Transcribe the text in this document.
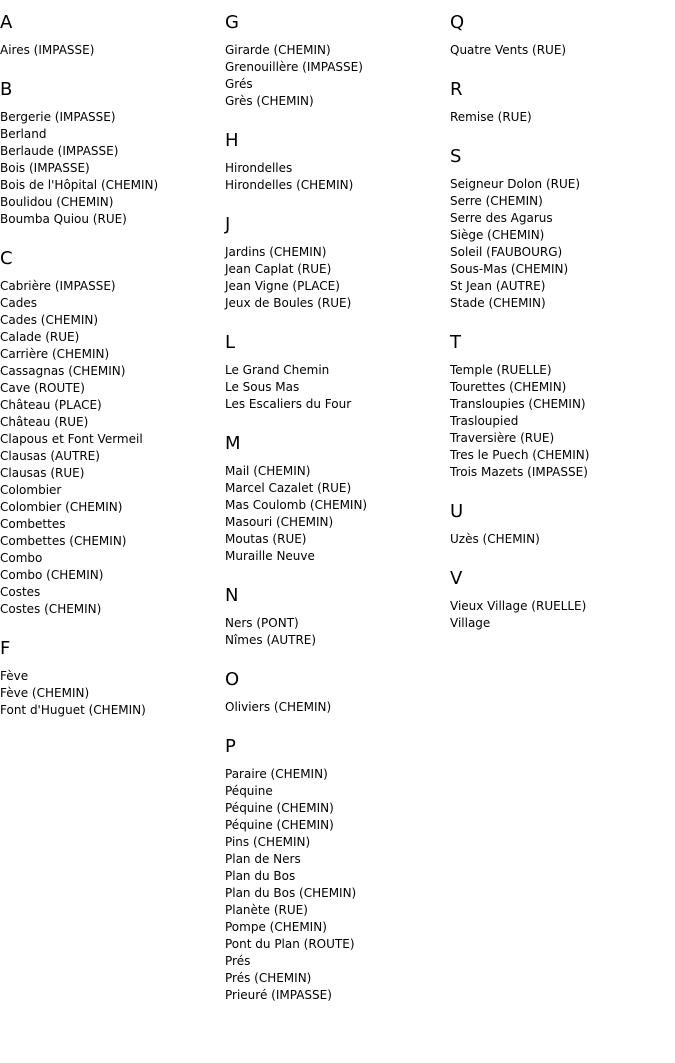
A
Aires (IMPASSE)
B
Bergerie (IMPASSE)
Berland
Berlaude (IMPASSE)
Bois (IMPASSE)
Bois de l'Hôpital (CHEMIN)
Boulidou (CHEMIN)
Boumba Quiou (RUE)
C
Cabrière (IMPASSE)
Cades
Cades (CHEMIN)
Calade (RUE)
Carrière (CHEMIN)
Cassagnas (CHEMIN)
Cave (ROUTE)
Château (PLACE)
Château (RUE)
Clapous et Font Vermeil
Clausas (AUTRE)
Clausas (RUE)
Colombier
Colombier (CHEMIN)
Combettes
Combettes (CHEMIN)
Combo
Combo (CHEMIN)
Costes
Costes (CHEMIN)
F
Fève
Fève (CHEMIN)
Font d'Huguet (CHEMIN)
G
Girarde (CHEMIN)
Grenouillère (IMPASSE)
Grés
Grès (CHEMIN)
H
Hirondelles
Hirondelles (CHEMIN)
J
Jardins (CHEMIN)
Jean Caplat (RUE)
Jean Vigne (PLACE)
Jeux de Boules (RUE)
L
Le Grand Chemin
Le Sous Mas
Les Escaliers du Four
M
Mail (CHEMIN)
Marcel Cazalet (RUE)
Mas Coulomb (CHEMIN)
Masouri (CHEMIN)
Moutas (RUE)
Muraille Neuve
N
Ners (PONT)
Nîmes (AUTRE)
O
Oliviers (CHEMIN)
P
Paraire (CHEMIN)
Péquine
Péquine (CHEMIN)
Péquine (CHEMIN)
Pins (CHEMIN)
Plan de Ners
Plan du Bos
Plan du Bos (CHEMIN)
Planète (RUE)
Pompe (CHEMIN)
Pont du Plan (ROUTE)
Prés
Prés (CHEMIN)
Prieuré (IMPASSE)
Q
Quatre Vents (RUE)
R
Remise (RUE)
S
Seigneur Dolon (RUE)
Serre (CHEMIN)
Serre des Agarus
Siège (CHEMIN)
Soleil (FAUBOURG)
Sous-Mas (CHEMIN)
St Jean (AUTRE)
Stade (CHEMIN)
T
Temple (RUELLE)
Tourettes (CHEMIN)
Transloupies (CHEMIN)
Trasloupied
Traversière (RUE)
Tres le Puech (CHEMIN)
Trois Mazets (IMPASSE)
U
Uzès (CHEMIN)
V
Vieux Village (RUELLE)
Village
